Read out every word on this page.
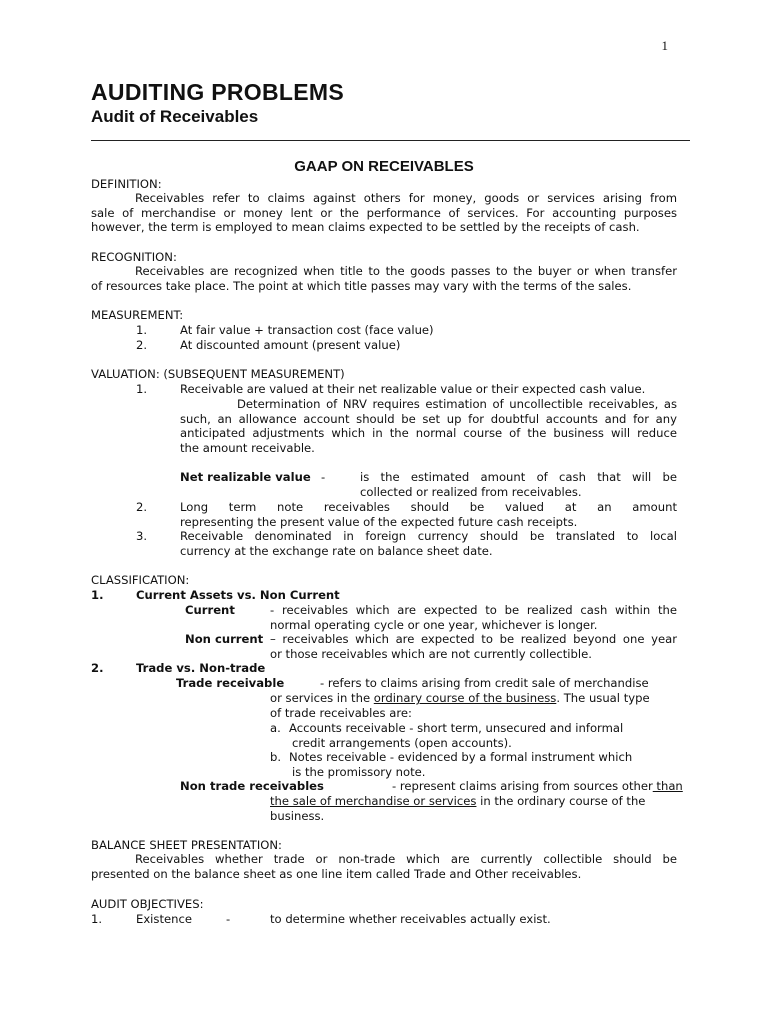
1
AUDITING PROBLEMS
Audit of Receivables
GAAP ON RECEIVABLES
DEFINITION:
Receivables refer to claims against others for money, goods or services arising from
sale of merchandise or money lent or the performance of services. For accounting purposes
however, the term is employed to mean claims expected to be settled by the receipts of cash.
RECOGNITION:
Receivables are recognized when title to the goods passes to the buyer or when transfer
of resources take place. The point at which title passes may vary with the terms of the sales.
MEASUREMENT:
1.	At fair value + transaction cost (face value)
2.	At discounted amount (present value)
VALUATION: (SUBSEQUENT MEASUREMENT)
1.	Receivable are valued at their net realizable value or their expected cash value.
Determination of NRV requires estimation of uncollectible receivables, as
such, an allowance account should be set up for doubtful accounts and for any
anticipated adjustments which in the normal course of the business will reduce
the amount receivable.
Net realizable value -	is the estimated amount of cash that will be
collected or realized from receivables.
2.	Long term note receivables should be valued at an amount
representing the present value of the expected future cash receipts.
3.	Receivable denominated in foreign currency should be translated to local
currency at the exchange rate on balance sheet date.
CLASSIFICATION:
1.	Current Assets vs. Non Current
Current	- receivables which are expected to be realized cash within the
normal operating cycle or one year, whichever is longer.
Non current – receivables which are expected to be realized beyond one year
or those receivables which are not currently collectible.
2.	Trade vs. Non-trade
Trade receivable	- refers to claims arising from credit sale of merchandise
or services in the ordinary course of the business. The usual type
of trade receivables are:
a. Accounts receivable - short term, unsecured and informal
credit arrangements (open accounts).
b. Notes receivable - evidenced by a formal instrument which
is the promissory note.
Non trade receivables	- represent claims arising from sources other than
the sale of merchandise or services in the ordinary course of the
business.
BALANCE SHEET PRESENTATION:
Receivables whether trade or non-trade which are currently collectible should be
presented on the balance sheet as one line item called Trade and Other receivables.
AUDIT OBJECTIVES:
1.	Existence	-	to determine whether receivables actually exist.
